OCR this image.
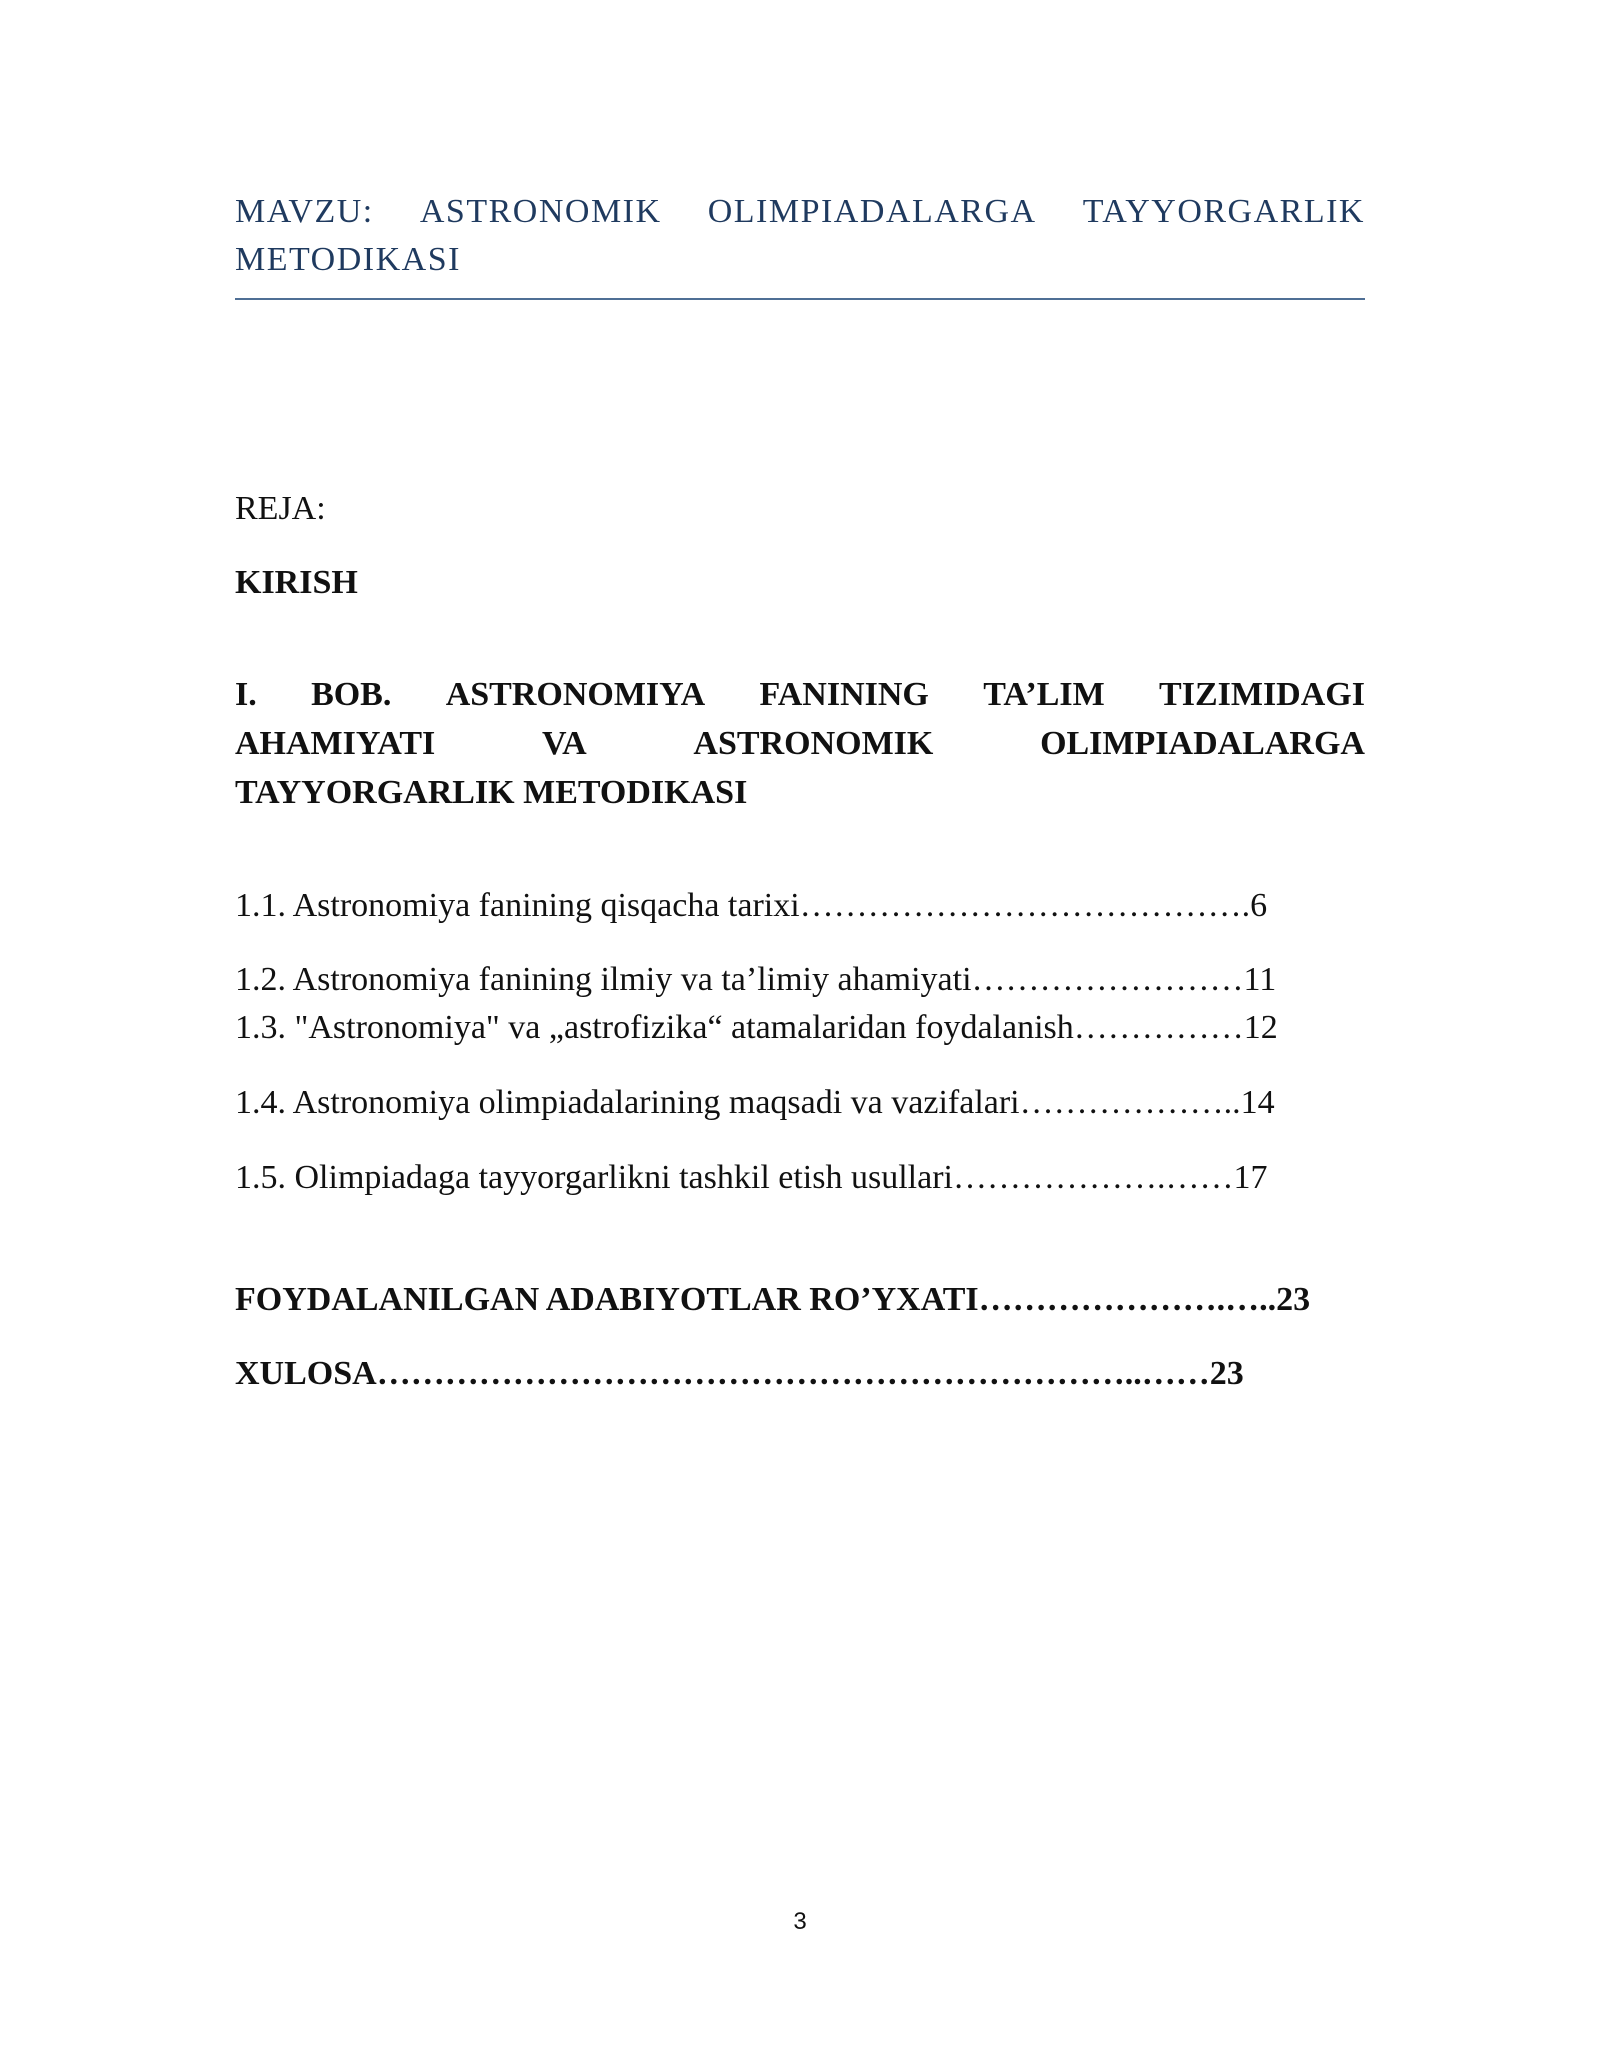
MAVZU: ASTRONOMIK OLIMPIADALARGA TAYYORGARLIK
METODIKASI
REJA:
KIRISH
I. BOB. ASTRONOMIYA FANINING TA’LIM TIZIMIDAGI
AHAMIYATI	VA	ASTRONOMIK	OLIMPIADALARGA
TAYYORGARLIK METODIKASI
1.1. Astronomiya fanining qisqacha tarixi………………………………….6
1.2. Astronomiya fanining ilmiy va ta’limiy ahamiyati……………………11
1.3. "Astronomiya" va „astrofizika“ atamalaridan foydalanish……………12
1.4. Astronomiya olimpiadalarining maqsadi va vazifalari………………..14
1.5. Olimpiadaga tayyorgarlikni tashkil etish usullari……………….……17
FOYDALANILGAN ADABIYOTLAR RO’YXATI………………….…..23
XULOSA…………………………………………………………..……23
3
